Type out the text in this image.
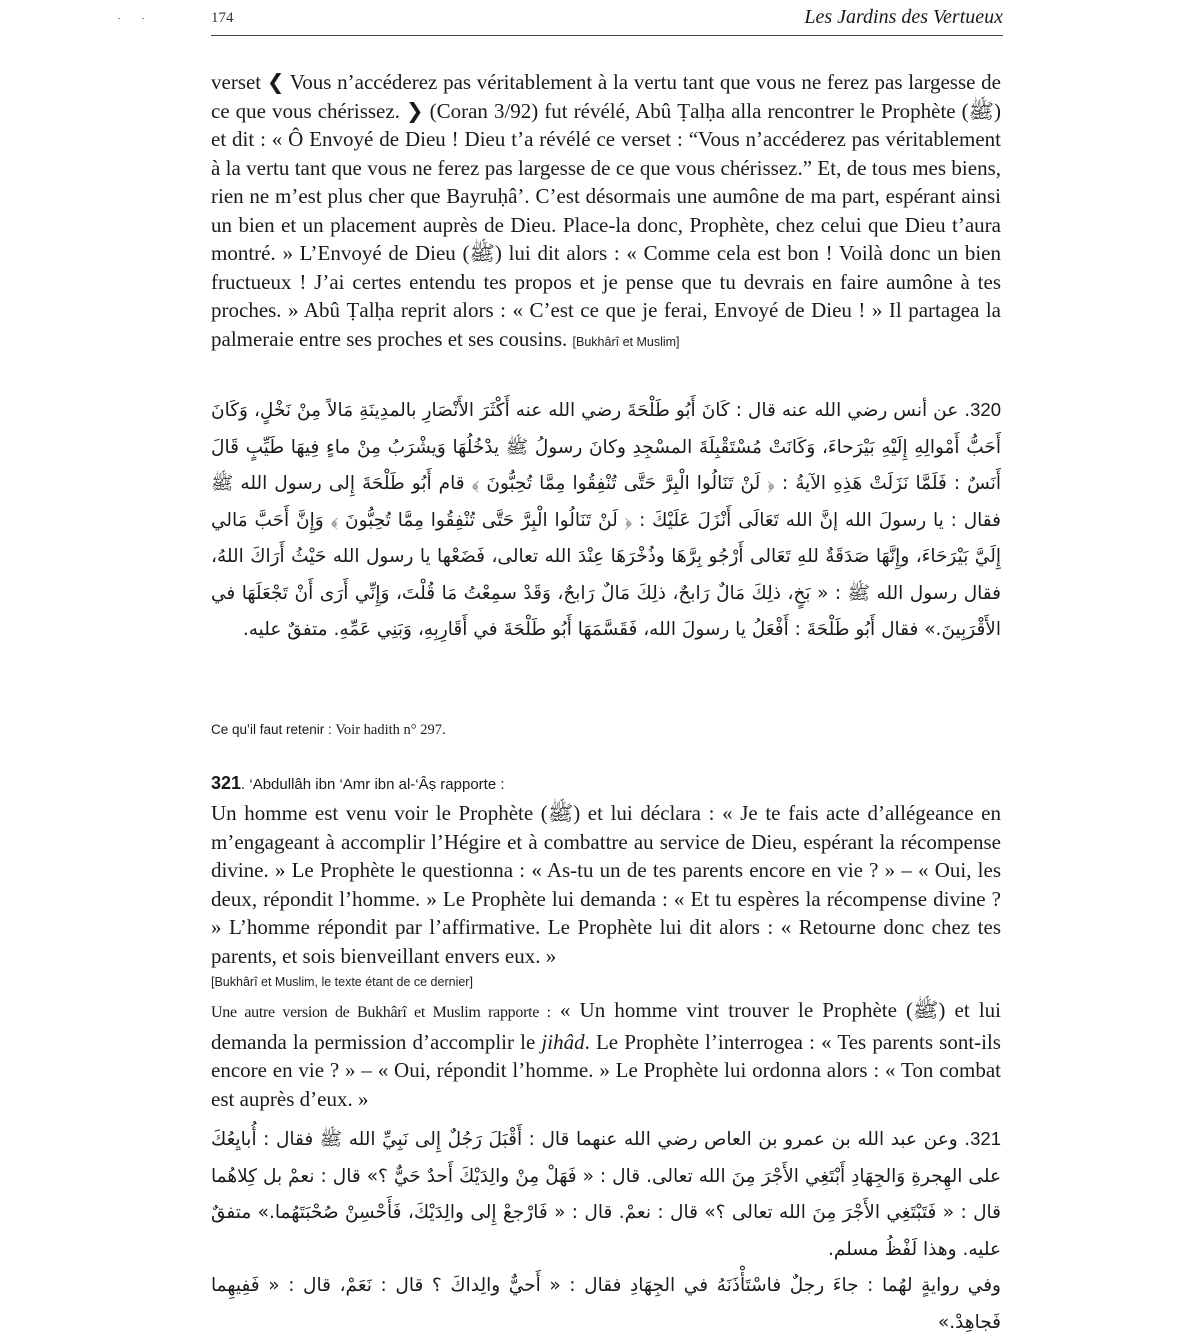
174	Les Jardins des Vertueux

verset ❮ Vous n’accéderez pas véritablement à la vertu tant que vous ne ferez pas largesse de ce que vous chérissez. ❯ (Coran 3/92) fut révélé, Abû Ṭalḥa alla rencontrer le Prophète (ﷺ) et dit : « Ô Envoyé de Dieu ! Dieu t’a révélé ce verset : “Vous n’accéderez pas véritablement à la vertu tant que vous ne ferez pas largesse de ce que vous chérissez.” Et, de tous mes biens, rien ne m’est plus cher que Bayruḥâ’. C’est désormais une aumône de ma part, espérant ainsi un bien et un placement auprès de Dieu. Place-la donc, Prophète, chez celui que Dieu t’aura montré. » L’Envoyé de Dieu (ﷺ) lui dit alors : « Comme cela est bon ! Voilà donc un bien fructueux ! J’ai certes entendu tes propos et je pense que tu devrais en faire aumône à tes proches. » Abû Ṭalḥa reprit alors : « C’est ce que je ferai, Envoyé de Dieu ! » Il partagea la palmeraie entre ses proches et ses cousins. [Bukhârî et Muslim]

320. عن أنس رضي الله عنه قال : كَانَ أَبُو طَلْحَةَ رضي الله عنه أَكْثَرَ الأَنْصَارِ بالمدِينَةِ مَالاً مِنْ نَخْلٍ، وَكَانَ أَحَبُّ أَمْوالِهِ إِلَيْهِ بَيْرَحاءَ، وَكَانَتْ مُسْتَقْبِلَةَ المسْجِدِ وكانَ رسولُ ﷺ يدْخُلُهَا وَيشْرَبُ مِنْ ماءٍ فِيهَا طَيِّبٍ قَالَ أَنَسٌ : فَلَمَّا نَزَلَتْ هَذِهِ الآيةُ : ﴿ لَنْ تَنَالُوا الْبِرَّ حَتَّى تُنْفِقُوا مِمَّا تُحِبُّونَ ﴾ قام أَبُو طَلْحَةَ إِلى رسول الله ﷺ فقال : يا رسولَ الله إنَّ الله تَعَالَى أَنْزَلَ عَلَيْكَ : ﴿ لَنْ تَنَالُوا الْبِرَّ حَتَّى تُنْفِقُوا مِمَّا تُحِبُّونَ ﴾ وَإِنَّ أَحَبَّ مَالي إِلَيَّ بَيْرَحَاءَ، وإِنَّهَا صَدَقَةٌ للهِ تَعَالى أَرْجُو بِرَّهَا وذُخْرَهَا عِنْدَ الله تعالى، فَضَعْها يا رسول الله حَيْثُ أَرَاكَ اللهُ، فقال رسول الله ﷺ : « بَخٍ، ذلِكَ مَالٌ رَابحٌ، ذلِكَ مَالٌ رَابحٌ، وَقَدْ سمِعْتُ مَا قُلْتَ، وَإِنِّي أَرَى أَنْ تَجْعَلَهَا في الأَقْرَبِينَ.» فقال أَبُو طَلْحَةَ : أَفْعَلُ يا رسولَ الله، فَقَسَّمَهَا أَبُو طَلْحَةَ في أَقَارِبِهِ، وَبَنِي عَمِّهِ. متفقٌ عليه.

Ce qu’il faut retenir : Voir hadith n° 297.
321. ‘Abdullâh ibn ‘Amr ibn al-‘Âṣ rapporte :

Un homme est venu voir le Prophète (ﷺ) et lui déclara : « Je te fais acte d’allégeance en m’engageant à accomplir l’Hégire et à combattre au service de Dieu, espérant la récompense divine. » Le Prophète le questionna : « As-tu un de tes parents encore en vie ? » – « Oui, les deux, répondit l’homme. » Le Prophète lui demanda : « Et tu espères la récompense divine ? » L’homme répondit par l’affirmative. Le Prophète lui dit alors : « Retourne donc chez tes parents, et sois bienveillant envers eux. »

[Bukhârî et Muslim, le texte étant de ce dernier]

Une autre version de Bukhârî et Muslim rapporte : « Un homme vint trouver le Prophète (ﷺ) et lui demanda la permission d’accomplir le jihâd. Le Prophète l’interrogea : « Tes parents sont-ils encore en vie ? » – « Oui, répondit l’homme. » Le Prophète lui ordonna alors : « Ton combat est auprès d’eux. »

321. وعن عبد الله بن عمرو بن العاص رضي الله عنهما قال : أَقْبَلَ رَجُلٌ إِلى نَبِيِّ الله ﷺ فقال : أُبايِعُكَ على الهِجرةِ وَالجِهَادِ أَبْتَغِي الأَجْرَ مِنَ الله تعالى. قال : « فَهَلْ مِنْ والِدَيْكَ أَحدٌ حَيٌّ ؟» قال : نعمْ بل كِلاهُما قال : « فَتَبْتَغِي الأَجْرَ مِنَ الله تعالى ؟» قال : نعمْ. قال : « فَارْجعْ إِلى والِدَيْكَ، فَأَحْسِنْ صُحْبَتَهُما.» متفقٌ عليه. وهذا لَفْظُ مسلم.

وفي روايةٍ لهُما : جاءَ رجلٌ فاسْتَأْذَنَهُ في الجِهَادِ فقال : « أَحيٌّ والِداكَ ؟ قال : نَعَمْ، قال : « فَفِيهِما فَجاهِدْ.»
